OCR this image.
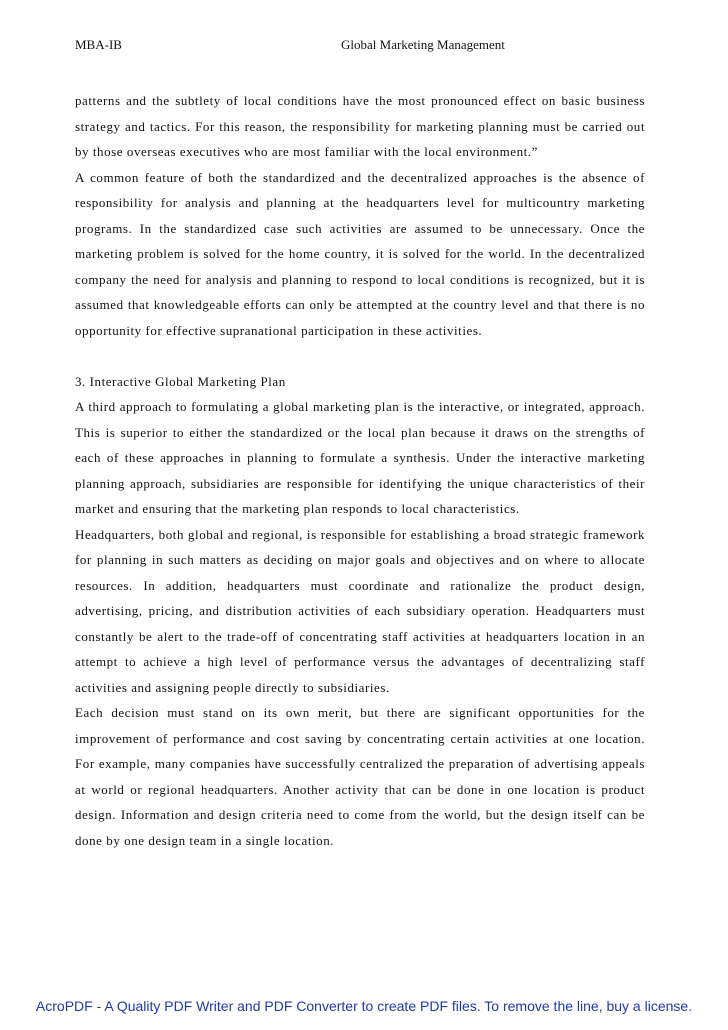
MBA-IB	Global Marketing Management

patterns and the subtlety of local conditions have the most pronounced effect on basic business strategy and tactics. For this reason, the responsibility for marketing planning must be carried out by those overseas executives who are most familiar with the local environment.”

A common feature of both the standardized and the decentralized approaches is the absence of responsibility for analysis and planning at the headquarters level for multicountry marketing programs. In the standardized case such activities are assumed to be unnecessary. Once the marketing problem is solved for the home country, it is solved for the world. In the decentralized company the need for analysis and planning to respond to local conditions is recognized, but it is assumed that knowledgeable efforts can only be attempted at the country level and that there is no opportunity for effective supranational participation in these activities.

3. Interactive Global Marketing Plan

A third approach to formulating a global marketing plan is the interactive, or integrated, approach. This is superior to either the standardized or the local plan because it draws on the strengths of each of these approaches in planning to formulate a synthesis. Under the interactive marketing planning approach, subsidiaries are responsible for identifying the unique characteristics of their market and ensuring that the marketing plan responds to local characteristics.

Headquarters, both global and regional, is responsible for establishing a broad strategic framework for planning in such matters as deciding on major goals and objectives and on where to allocate resources. In addition, headquarters must coordinate and rationalize the product design, advertising, pricing, and distribution activities of each subsidiary operation. Headquarters must constantly be alert to the trade-off of concentrating staff activities at headquarters location in an attempt to achieve a high level of performance versus the advantages of decentralizing staff activities and assigning people directly to subsidiaries.

Each decision must stand on its own merit, but there are significant opportunities for the improvement of performance and cost saving by concentrating certain activities at one location. For example, many companies have successfully centralized the preparation of advertising appeals at world or regional headquarters. Another activity that can be done in one location is product design. Information and design criteria need to come from the world, but the design itself can be done by one design team in a single location.

AcroPDF - A Quality PDF Writer and PDF Converter to create PDF files. To remove the line, buy a license.
